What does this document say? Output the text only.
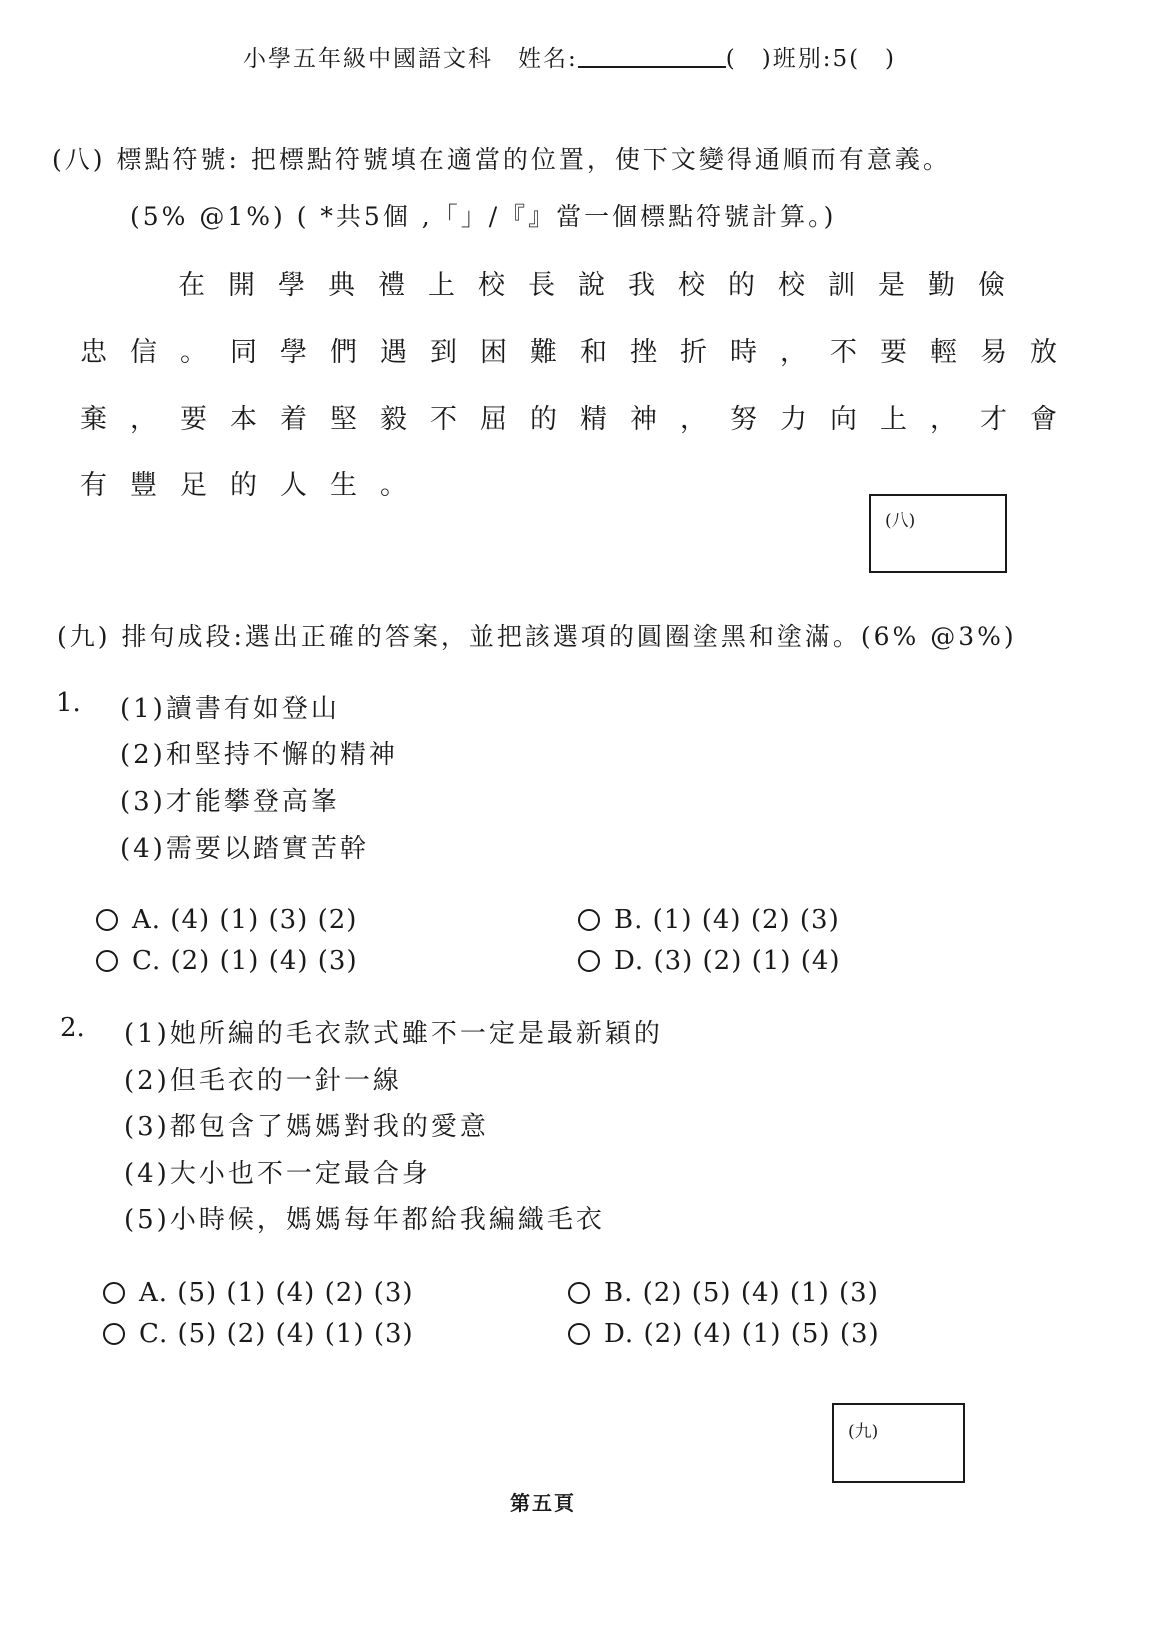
小學五年級中國語文科　姓名:	(　)班別:5(　)
(八) 標點符號: 把標點符號填在適當的位置，使下文變得通順而有意義。
(5% @1%) ( *共5個 ,「」/『』當一個標點符號計算。)
在開學典禮上校長說我校的校訓是勤儉
忠信。同學們遇到困難和挫折時，不要輕易放
棄，要本着堅毅不屈的精神，努力向上，才會
有豐足的人生。
(八)
(九) 排句成段:選出正確的答案，並把該選項的圓圈塗黑和塗滿。(6% @3%)
1. (1)讀書有如登山
(2)和堅持不懈的精神
(3)才能攀登高峯
(4)需要以踏實苦幹
A. (4) (1) (3) (2)	B. (1) (4) (2) (3)
C. (2) (1) (4) (3)	D. (3) (2) (1) (4)
2. (1)她所編的毛衣款式雖不一定是最新穎的
(2)但毛衣的一針一線
(3)都包含了媽媽對我的愛意
(4)大小也不一定最合身
(5)小時候，媽媽每年都給我編織毛衣
A. (5) (1) (4) (2) (3)	B. (2) (5) (4) (1) (3)
C. (5) (2) (4) (1) (3)	D. (2) (4) (1) (5) (3)
(九)
第五頁
